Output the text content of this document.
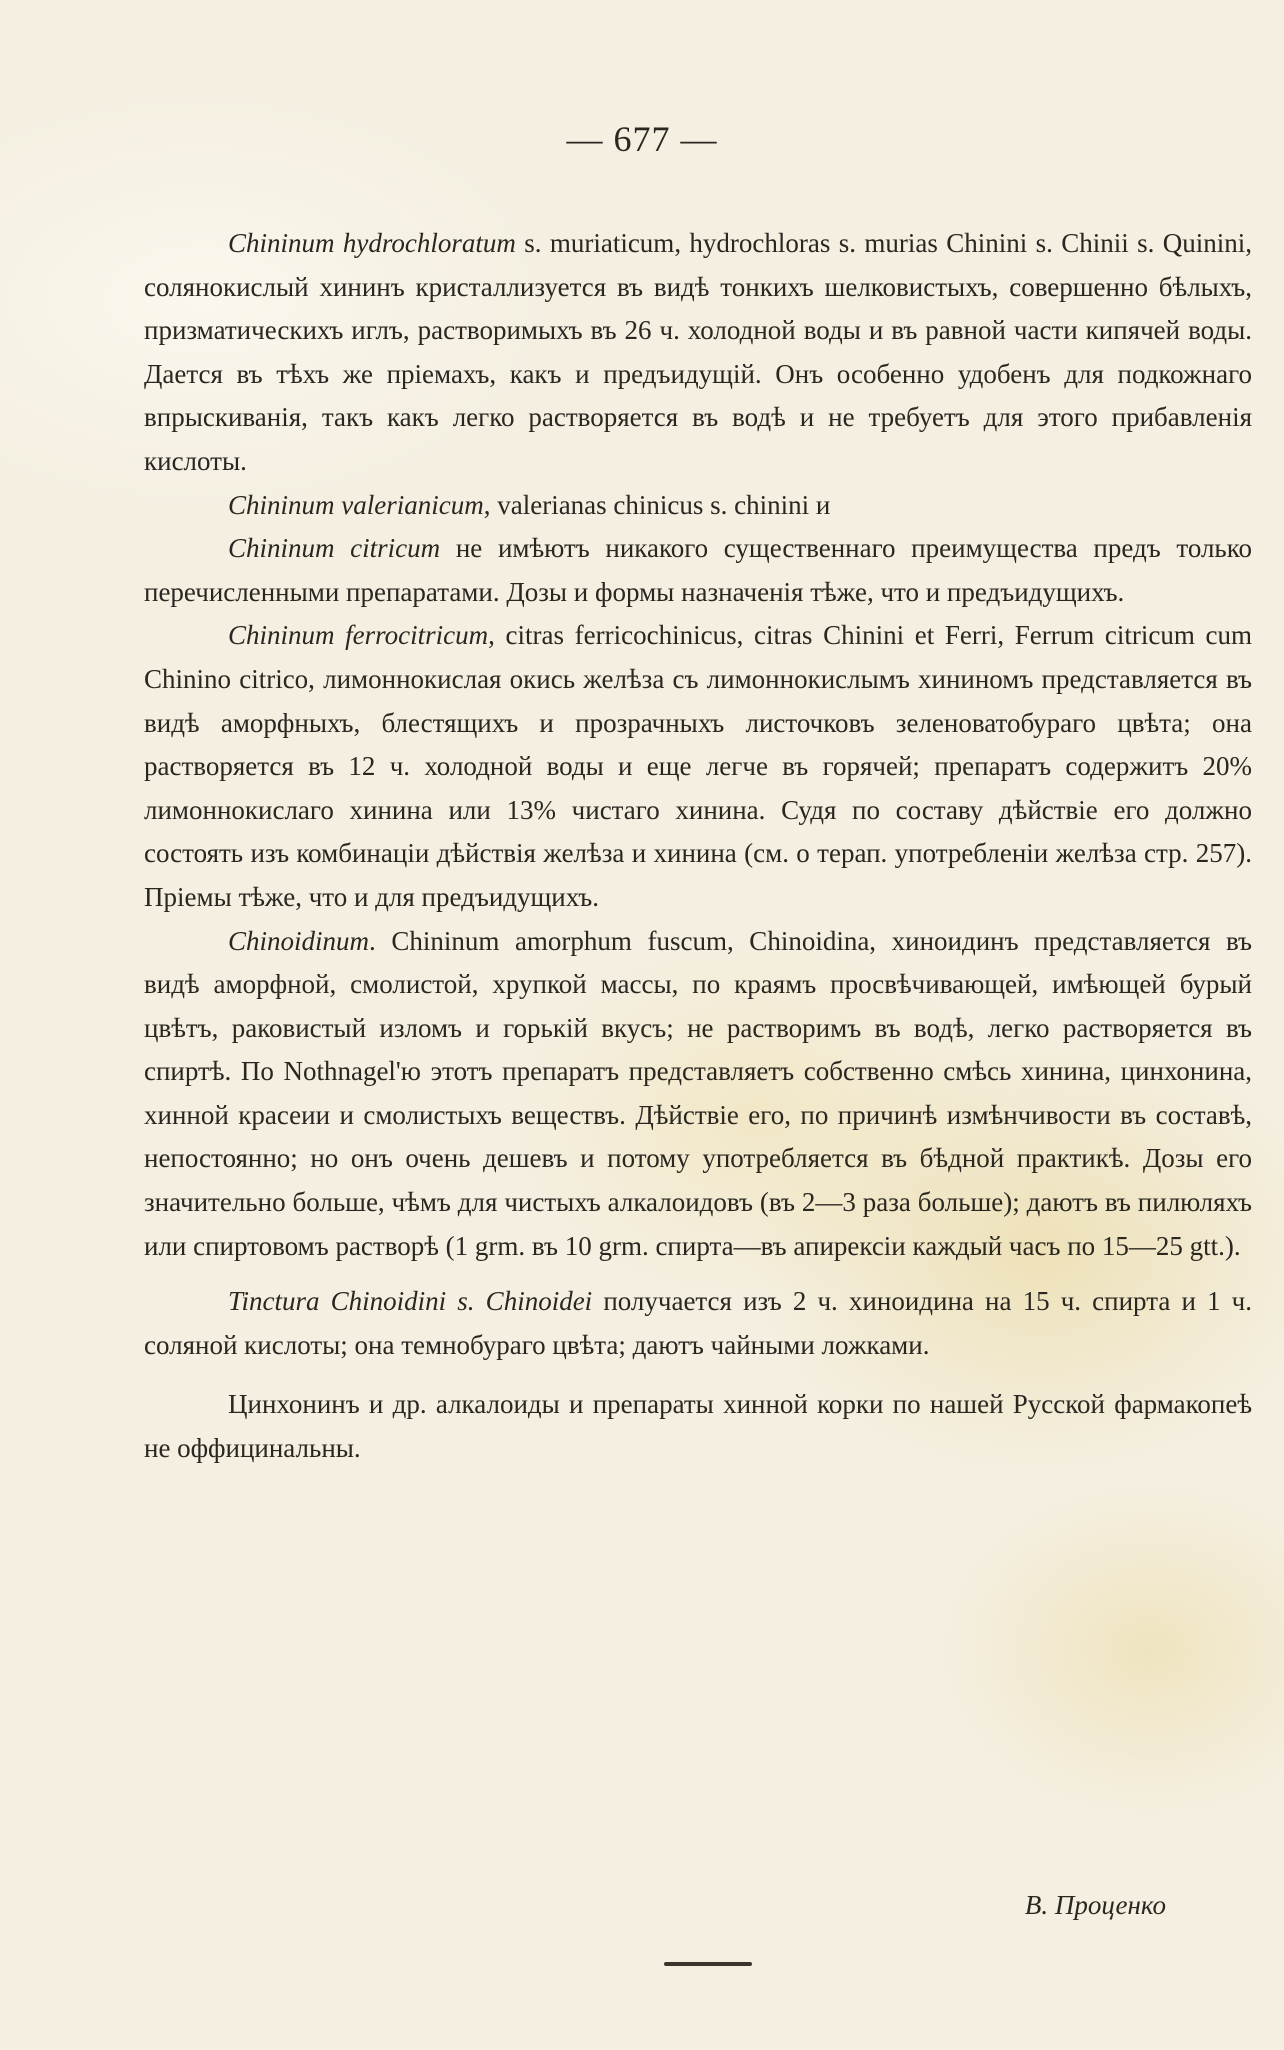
— 677 —

Chininum hydrochloratum s. muriaticum, hydrochloras s. murias Chinini s. Chinii s. Quinini, солянокислый хининъ кристаллизуется въ видѣ тонкихъ шелковистыхъ, совершенно бѣлыхъ, призматическихъ иглъ, растворимыхъ въ 26 ч. холодной воды и въ равной части кипячей воды. Дается въ тѣхъ же пріемахъ, какъ и предъидущій. Онъ особенно удобенъ для подкожнаго впрыскиванія, такъ какъ легко растворяется въ водѣ и не требуетъ для этого прибавленія кислоты.

Chininum valerianicum, valerianas chinicus s. chinini и

Chininum citricum не имѣютъ никакого существеннаго преимущества предъ только перечисленными препаратами. Дозы и формы назначенія тѣже, что и предъидущихъ.

Chininum ferrocitricum, citras ferricochinicus, citras Chinini et Ferri, Ferrum citricum cum Chinino citrico, лимоннокислая окись желѣза съ лимоннокислымъ хининомъ представляется въ видѣ аморфныхъ, блестящихъ и прозрачныхъ листочковъ зеленоватобураго цвѣта; она растворяется въ 12 ч. холодной воды и еще легче въ горячей; препаратъ содержитъ 20% лимоннокислаго хинина или 13% чистаго хинина. Судя по составу дѣйствіе его должно состоять изъ комбинаціи дѣйствія желѣза и хинина (см. о терап. употребленіи желѣза стр. 257). Пріемы тѣже, что и для предъидущихъ.

Chinoidinum. Chininum amorphum fuscum, Chinoidina, хиноидинъ представляется въ видѣ аморфной, смолистой, хрупкой массы, по краямъ просвѣчивающей, имѣющей бурый цвѣтъ, раковистый изломъ и горькій вкусъ; не растворимъ въ водѣ, легко растворяется въ спиртѣ. По Nothnagel'ю этотъ препаратъ представляетъ собственно смѣсь хинина, цинхонина, хинной красеии и смолистыхъ веществъ. Дѣйствіе его, по причинѣ измѣнчивости въ составѣ, непостоянно; но онъ очень дешевъ и потому употребляется въ бѣдной практикѣ. Дозы его значительно больше, чѣмъ для чистыхъ алкалоидовъ (въ 2—3 раза больше); даютъ въ пилюляхъ или спиртовомъ растворѣ (1 grm. въ 10 grm. спирта—въ апирексіи каждый часъ по 15—25 gtt.).

Tinctura Chinoidini s. Chinoidei получается изъ 2 ч. хиноидина на 15 ч. спирта и 1 ч. соляной кислоты; она темнобураго цвѣта; даютъ чайными ложками.

Цинхонинъ и др. алкалоиды и препараты хинной корки по нашей Русской фармакопеѣ не оффицинальны.

В. Проценко
